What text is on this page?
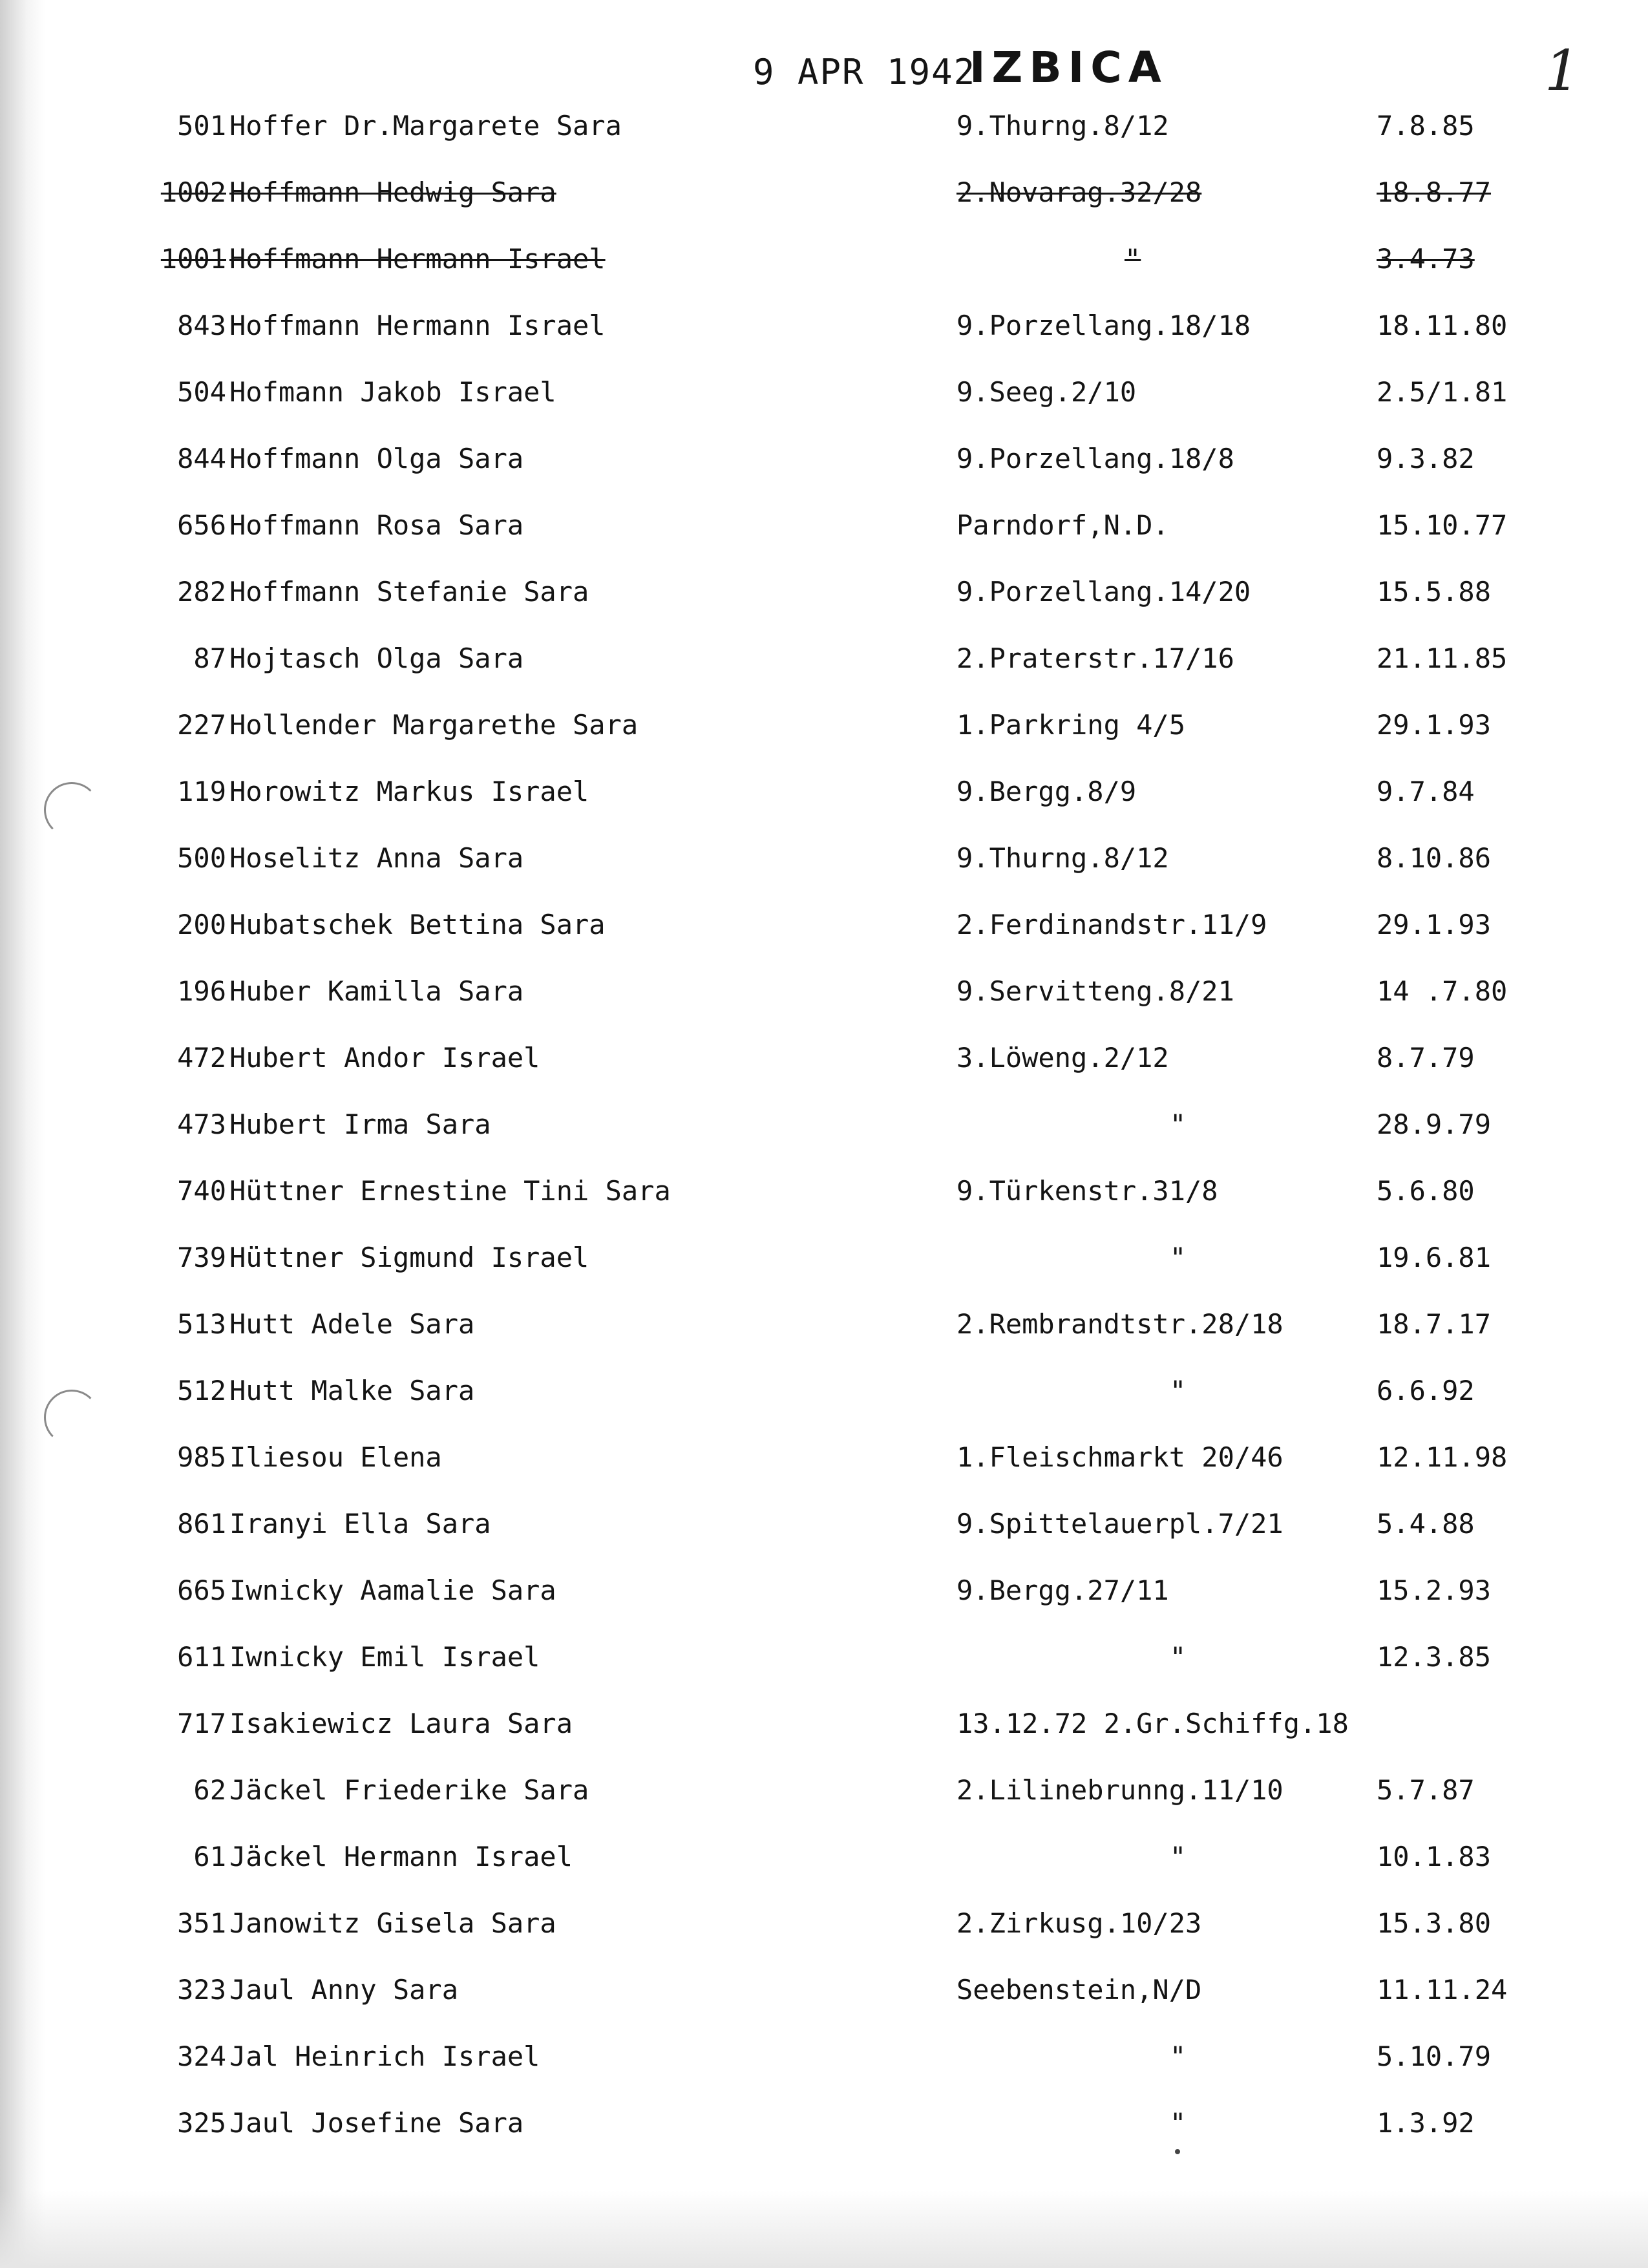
9 APR 1942
IZBICA	1
501 Hoffer Dr.Margarete Sara	9.Thurng.8/12	7.8.85
1002 Hoffmann Hedwig Sara	2.Novarag.32/28	18.8.77
1001 Hoffmann Hermann Israel	"	3.4.73
843 Hoffmann Hermann Israel	9.Porzellang.18/18	18.11.80
504 Hofmann Jakob Israel	9.Seeg.2/10	2.5/1.81
844 Hoffmann Olga Sara	9.Porzellang.18/8	9.3.82
656 Hoffmann Rosa Sara	Parndorf,N.D.	15.10.77
282 Hoffmann Stefanie Sara	9.Porzellang.14/20	15.5.88
87 Hojtasch Olga Sara	2.Praterstr.17/16	21.11.85
227 Hollender Margarethe Sara	1.Parkring 4/5	29.1.93
119 Horowitz Markus Israel	9.Bergg.8/9	9.7.84
500 Hoselitz Anna Sara	9.Thurng.8/12	8.10.86
200 Hubatschek Bettina Sara	2.Ferdinandstr.11/9	29.1.93
196 Huber Kamilla Sara	9.Servitteng.8/21	14 .7.80
472 Hubert Andor Israel	3.Löweng.2/12	8.7.79
473 Hubert Irma Sara	"	28.9.79
740 Hüttner Ernestine Tini Sara	9.Türkenstr.31/8	5.6.80
739 Hüttner Sigmund Israel	"	19.6.81
513 Hutt Adele Sara	2.Rembrandtstr.28/18	18.7.17
512 Hutt Malke Sara	"	6.6.92
985 Iliesou Elena	1.Fleischmarkt 20/46	12.11.98
861 Iranyi Ella Sara	9.Spittelauerpl.7/21	5.4.88
665 Iwnicky Aamalie Sara	9.Bergg.27/11	15.2.93
611 Iwnicky Emil Israel	"	12.3.85
717 Isakiewicz Laura Sara	13.12.72 2.Gr.Schiffg.18
62 Jäckel Friederike Sara	2.Lilinebrunng.11/10	5.7.87
61 Jäckel Hermann Israel	"	10.1.83
351 Janowitz Gisela Sara	2.Zirkusg.10/23	15.3.80
323 Jaul Anny Sara	Seebenstein,N/D	11.11.24
324 Jal Heinrich Israel	"	5.10.79
325 Jaul Josefine Sara	"	1.3.92
